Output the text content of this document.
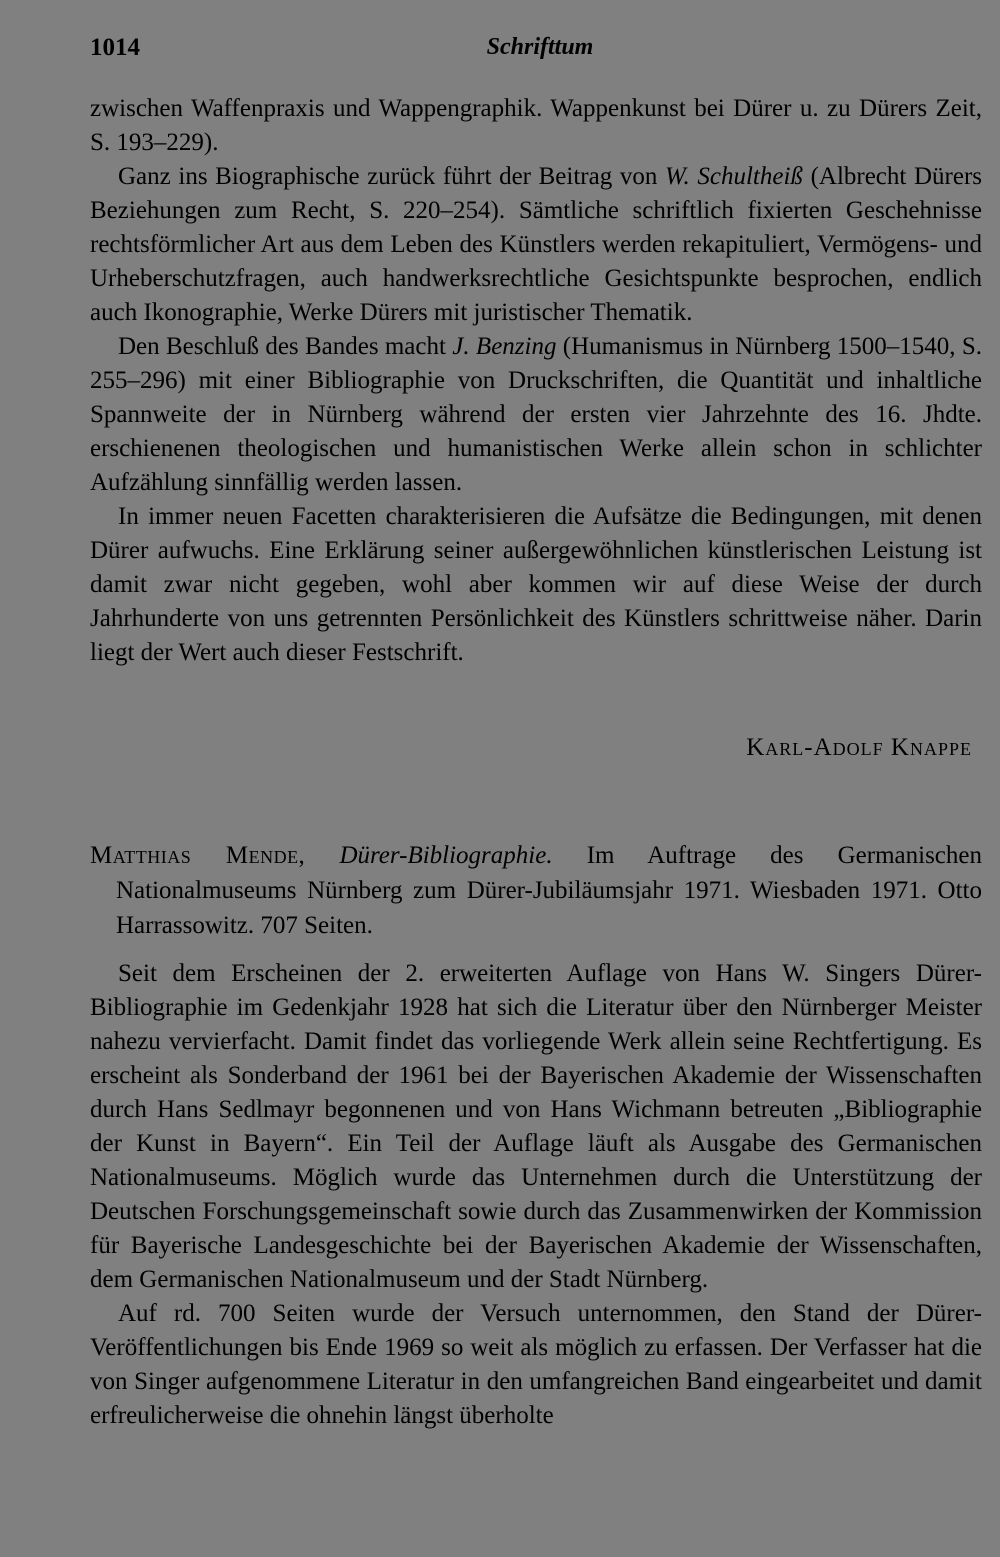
1014	Schrifttum

zwischen Waffenpraxis und Wappengraphik. Wappenkunst bei Dürer u. zu Dürers Zeit, S. 193–229).

Ganz ins Biographische zurück führt der Beitrag von W. Schultheiß (Albrecht Dürers Beziehungen zum Recht, S. 220–254). Sämtliche schriftlich fixierten Geschehnisse rechtsförmlicher Art aus dem Leben des Künstlers werden rekapituliert, Vermögens- und Urheberschutzfragen, auch handwerksrechtliche Gesichtspunkte besprochen, endlich auch Ikonographie, Werke Dürers mit juristischer Thematik.

Den Beschluß des Bandes macht J. Benzing (Humanismus in Nürnberg 1500–1540, S. 255–296) mit einer Bibliographie von Druckschriften, die Quantität und inhaltliche Spannweite der in Nürnberg während der ersten vier Jahrzehnte des 16. Jhdte. erschienenen theologischen und humanistischen Werke allein schon in schlichter Aufzählung sinnfällig werden lassen.

In immer neuen Facetten charakterisieren die Aufsätze die Bedingungen, mit denen Dürer aufwuchs. Eine Erklärung seiner außergewöhnlichen künstlerischen Leistung ist damit zwar nicht gegeben, wohl aber kommen wir auf diese Weise der durch Jahrhunderte von uns getrennten Persönlichkeit des Künstlers schrittweise näher. Darin liegt der Wert auch dieser Festschrift.

Karl-Adolf Knappe
Matthias Mende, Dürer-Bibliographie. Im Auftrage des Germanischen Nationalmuseums Nürnberg zum Dürer-Jubiläumsjahr 1971. Wiesbaden 1971. Otto Harrassowitz. 707 Seiten.

Seit dem Erscheinen der 2. erweiterten Auflage von Hans W. Singers Dürer-Bibliographie im Gedenkjahr 1928 hat sich die Literatur über den Nürnberger Meister nahezu vervierfacht. Damit findet das vorliegende Werk allein seine Rechtfertigung. Es erscheint als Sonderband der 1961 bei der Bayerischen Akademie der Wissenschaften durch Hans Sedlmayr begonnenen und von Hans Wichmann betreuten „Bibliographie der Kunst in Bayern“. Ein Teil der Auflage läuft als Ausgabe des Germanischen Nationalmuseums. Möglich wurde das Unternehmen durch die Unterstützung der Deutschen Forschungsgemeinschaft sowie durch das Zusammenwirken der Kommission für Bayerische Landesgeschichte bei der Bayerischen Akademie der Wissenschaften, dem Germanischen Nationalmuseum und der Stadt Nürnberg.

Auf rd. 700 Seiten wurde der Versuch unternommen, den Stand der Dürer-Veröffentlichungen bis Ende 1969 so weit als möglich zu erfassen. Der Verfasser hat die von Singer aufgenommene Literatur in den umfangreichen Band eingearbeitet und damit erfreulicherweise die ohnehin längst überholte
